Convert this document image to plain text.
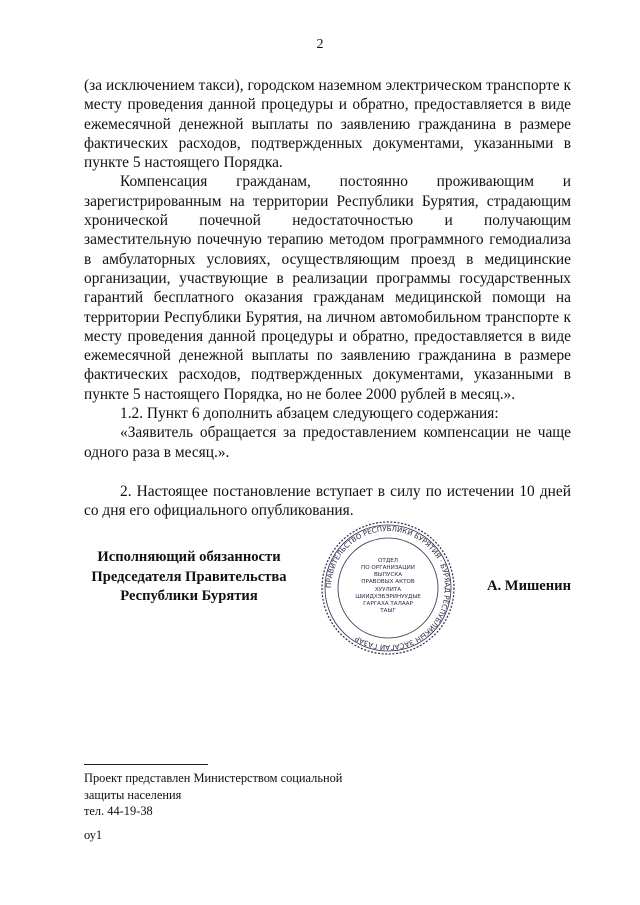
2

(за исключением такси), городском наземном электрическом транспорте к месту проведения данной процедуры и обратно, предоставляется в виде ежемесячной денежной выплаты по заявлению гражданина в размере фактических расходов, подтвержденных документами, указанными в пункте 5 настоящего Порядка.

Компенсация гражданам, постоянно проживающим и зарегистрированным на территории Республики Бурятия, страдающим хронической почечной недостаточностью и получающим заместительную почечную терапию методом программного гемодиализа в амбулаторных условиях, осуществляющим проезд в медицинские организации, участвующие в реализации программы государственных гарантий бесплатного оказания гражданам медицинской помощи на территории Республики Бурятия, на личном автомобильном транспорте к месту проведения данной процедуры и обратно, предоставляется в виде ежемесячной денежной выплаты по заявлению гражданина в размере фактических расходов, подтвержденных документами, указанными в пункте 5 настоящего Порядка, но не более 2000 рублей в месяц.».

1.2. Пункт 6 дополнить абзацем следующего содержания:

«Заявитель обращается за предоставлением компенсации не чаще одного раза в месяц.».

2. Настоящее постановление вступает в силу по истечении 10 дней со дня его официального опубликования.

Исполняющий обязанности
Председателя Правительства
Республики Бурятия
ПРАВИТЕЛЬСТВО РЕСПУБЛИКИ БУРЯТИЯ · БУРЯАД РЕСПУБЛИКЫН ЗАСАГАЙ ГАЗАР
ОТДЕЛ
ПО ОРГАНИЗАЦИИ
ВЫПУСКА
ПРАВОВЫХ АКТОВ
ХУУЛИТА
ШИИДХЭБЭРИНУУДЫЕ
ГАРГАХА ТАЛААР
ТАЫГ
А. Мишенин
Проект представлен Министерством социальной
защиты населения
тел. 44-19-38
оу1
